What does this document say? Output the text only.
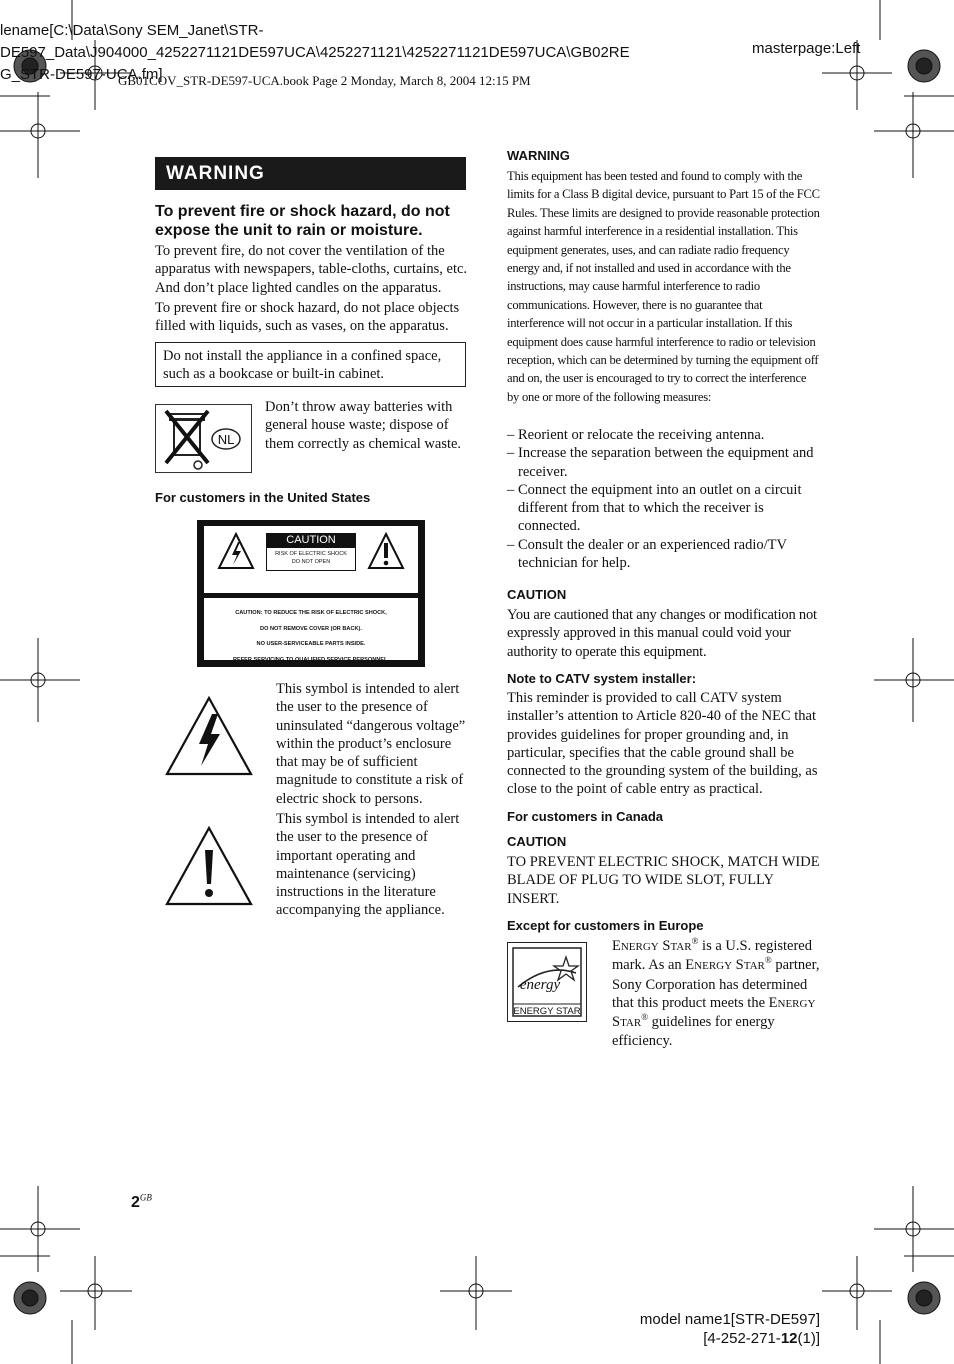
lename[C:\Data\Sony SEM_Janet\STR-
DE597_Data\J904000_4252271121DE597UCA\4252271121\4252271121DE597UCA\GB02RE
G_STR-DE597-UCA.fm]
GB01COV_STR-DE597-UCA.book Page 2 Monday, March 8, 2004 12:15 PM
masterpage:Left
WARNING
To prevent fire or shock hazard, do not expose the unit to rain or moisture.
To prevent fire, do not cover the ventilation of the apparatus with newspapers, table-cloths, curtains, etc. And don’t place lighted candles on the apparatus.
To prevent fire or shock hazard, do not place objects filled with liquids, such as vases, on the apparatus.
Do not install the appliance in a confined space, such as a bookcase or built-in cabinet.
NL
Don’t throw away batteries with general house waste; dispose of them correctly as chemical waste.
For customers in the United States
CAUTION
RISK OF ELECTRIC SHOCK
DO NOT OPEN
CAUTION: TO REDUCE THE RISK OF ELECTRIC SHOCK,
DO NOT REMOVE COVER (OR BACK).
NO USER-SERVICEABLE PARTS INSIDE.
REFER SERVICING TO QUALIFIED SERVICE PERSONNEL.
This symbol is intended to alert the user to the presence of uninsulated “dangerous voltage” within the product’s enclosure that may be of sufficient magnitude to constitute a risk of electric shock to persons.
This symbol is intended to alert the user to the presence of important operating and maintenance (servicing) instructions in the literature accompanying the appliance.
WARNING
This equipment has been tested and found to comply with the limits for a Class B digital device, pursuant to Part 15 of the FCC Rules. These limits are designed to provide reasonable protection against harmful interference in a residential installation. This equipment generates, uses, and can radiate radio frequency energy and, if not installed and used in accordance with the instructions, may cause harmful interference to radio communications. However, there is no guarantee that interference will not occur in a particular installation. If this equipment does cause harmful interference to radio or television reception, which can be determined by turning the equipment off and on, the user is encouraged to try to correct the interference by one or more of the following measures:
– Reorient or relocate the receiving antenna.
– Increase the separation between the equipment and receiver.
– Connect the equipment into an outlet on a circuit different from that to which the receiver is connected.
– Consult the dealer or an experienced radio/TV technician for help.
CAUTION
You are cautioned that any changes or modification not expressly approved in this manual could void your authority to operate this equipment.
Note to CATV system installer:
This reminder is provided to call CATV system installer’s attention to Article 820-40 of the NEC that provides guidelines for proper grounding and, in particular, specifies that the cable ground shall be connected to the grounding system of the building, as close to the point of cable entry as practical.
For customers in Canada
CAUTION
TO PREVENT ELECTRIC SHOCK, MATCH WIDE BLADE OF PLUG TO WIDE SLOT, FULLY INSERT.
Except for customers in Europe
energy
ENERGY STAR
ENERGY STAR® is a U.S. registered mark. As an ENERGY STAR® partner, Sony Corporation has determined that this product meets the ENERGY STAR® guidelines for energy efficiency.
$2^{GB}$
model name1[STR-DE597]
[4-252-271-12(1)]
